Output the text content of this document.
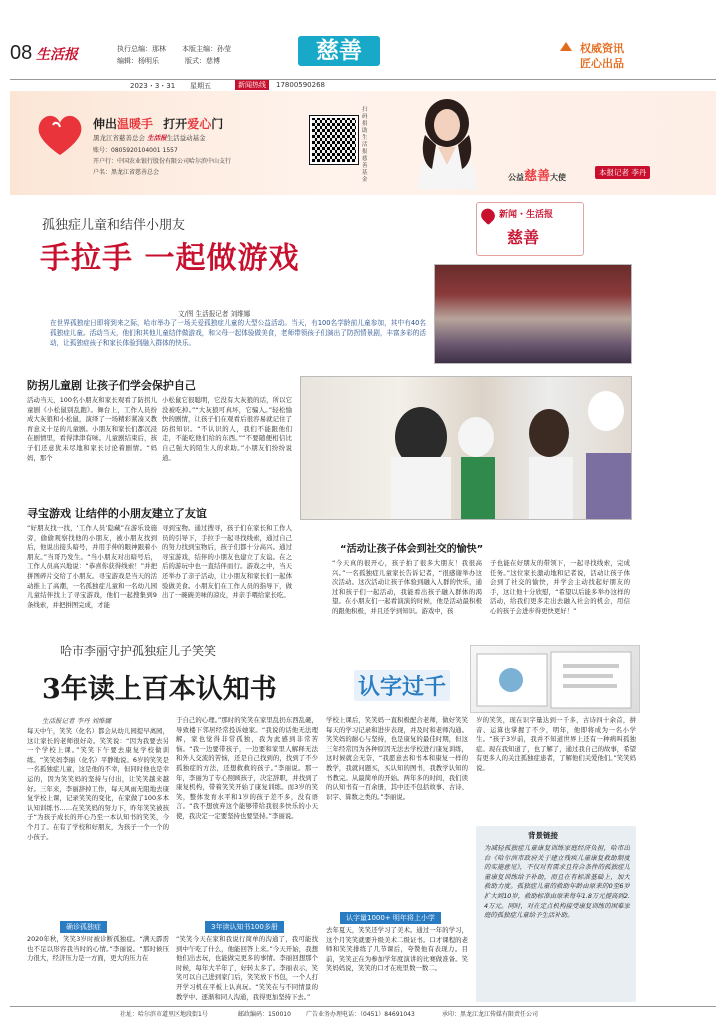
08 生活报	执行总编：那林 本版主编：孙莹
编辑：杨明乐	版式：慈博	慈善	权威资讯
匠心出品
2023・3・31 星期五	新闻热线	17800590268
伸出温暖手 打开爱心门
黑龙江省慈善总会 生活报生活益动基金
账号：0805920104001 1557
开户行：中国农业银行股份有限公司哈尔滨中山支行
户名：黑龙江省慈善总会
扫码捐助 生活报 慈善基金	公益慈善大使
本报记者 李丹
孤独症儿童和结伴小朋友
手拉手 一起做游戏
新闻・生活报
慈善
文/图 生活报记者 刘维娜
在世界孤独症日即将到来之际，哈市举办了一场关爱孤独症儿童的大型公益活动。当天，有100名学龄前儿童参加，其中有40名孤独症儿童。活动当天，他们和其他儿童结伴做游戏，和父母一起体验做美食，老师带领孩子们演出了防拐情景剧，丰富多彩的活动，让孤独症孩子和家长体验到融入群体的快乐。
防拐儿童剧 让孩子们学会保护自己
活动当天，100名小朋友和家长观看了防拐儿童剧《小松鼠别乱跑》。舞台上，工作人员扮成大灰狼和小松鼠，演绎了一场精彩紧凑又教育意义十足的儿童剧。小朋友和家长们都沉浸在剧情里，看得津津有味。儿童剧结束后，孩子们还意犹未尽地和家长讨论着剧情。“妈妈，那个
小松鼠它很聪明，它没有大灰狼的话，所以它没被吃掉。”“大灰狼可真坏，它骗人。”轻松愉快的剧情，让孩子们在观看后很容易就记住了防拐知识。“不认识的人，我们不能跟他们走，不能吃他们给的东西。”“不要随便相信比自己强大的陌生人的求助。”小朋友们纷纷说道。
寻宝游戏 让结伴的小朋友建立了友谊
“好朋友找一找，‘工作人员’隐藏”在游乐设施旁，偷偷观察找他的小朋友，被小朋友找到后，他说出接头暗号，并用手伸的眼神跟着小朋友。”当哥乃发生。“当小朋友对出暗号后，工作人员高兴地说：“恭喜你获得线索！”并把拼图碎片交给了小朋友。寻宝游戏是当天的活动推上了高潮，一名孤独症儿童和一名幼儿园儿童结伴找上了寻宝游戏，他们一起搜集到9条线索，并把拼图完成，才能
寻到宝物。通过搜寻，孩子们在家长和工作人员的引导下，手拉手一起寻找线索，通过自己的努力找到宝物后，孩子们都十分高兴。通过寻宝游戏，结伴的小朋友也建立了友谊。在之后的游玩中也一直结伴而行。游戏之中，当天还举办了亲子活动，让小朋友和家长们一起体验做美食。小朋友们在工作人员的指导下，做出了一碗碗美味的凉皮，并亲手喂给家长吃。
“活动让孩子体会到社交的愉快”
“今天真的很开心，孩子拍了很多大朋友！我很高兴。”一名孤独症儿童家长告诉记者，“很感谢举办这次活动。这次活动让孩子体验到融入人群的快乐，通过和孩子们一起活动，我能看出孩子融入群体的渴望。在小朋友们一起看演演的时候，他是活动最积极的跟他积极，并且还学到知识。游戏中，孩
子也能在好朋友的带领下，一起寻找线索，完成任务。”这位家长激动地和记者说，活动让孩子体会到了社交的愉快，并学会主动找起好朋友的手，这让他十分欣慰，“希望以后能多举办这样的活动，给我们更多走出去融入社会的机会，用信心的孩子会进步得更快更好！”
哈市李丽守护孤独症儿子笑笑
3年读上百本认知书	认字过千
生活报记者 李丹 刘维娜
每天中午，笑笑（化名）都会从幼儿园提早离园，这让家长的老师很好奇。笑笑说：“因为我要去另一个学校上课。”笑笑下午要去康复学校做训练。“笑笑妈李丽（化名）平静地说。6岁的笑笑是一名孤独症儿童，这是他的不幸，但同时他也是幸运的，因为笑笑妈的坚持与付出，让笑笑越来越好。三年来，李丽辞掉工作，每天风雨无阻地去康复学校上课，记录笑笑的变化，在家做了100多本认知训练书……在笑笑妈的努力下，昨年笑笑被孩子“为孩子成长的开心乃至一本认知书的笑笑，今个月了。在有了学校和好朋友，为孩子一个一个的小孩子。
确诊孤独症
2020年秋，笑笑3岁时被诊断孤独症。“满天霹雳也不足以形容我当时的心情。”李丽说。“那时候压力很大，经济压力是一方面，更大的压力在
于自己的心理。”那时的笑笑在家里乱扔东西乱砸，导致楼下邻居经常投诉她家。“我说的话他无法理解，家也觉得非常孤独，我为此感到非常苦恼。“我一边要带孩子，一边要和家里人解释无法和外人交流的苦恼，还是自己找到的，找到了不少孤独症的方法，还想救救的孩子。”李丽说。那一年，李丽为了专心照顾孩子，决定辞职，并找到了康复机构，带着笑笑开始了康复训练。而3岁的笑笑，整体发育水平和1岁的孩子差不多，没有语言。“我不想放弃这个能够带给我很多快乐的小天使，我决定一定要坚持也要坚持。”李丽说。
3年读认知书100多册
“笑笑今天在家和我说行简单的沟通了，我可能找到中午吃了什么，他能回答上来。”今天开始，我想他们出去玩，也能做完更多的事情。李丽回想那个时候，每年大半年了，好转太多了。李丽表示，笑笑可以自己进到家门后，笑笑放下书包，一个人打开学习机在平板上认真玩。“笑笑在与不同情景的教学中、逐渐和同人沟通，我得更加坚持下去。”
学校上课后，笑笑妈一直积极配合老师，做好笑笑每天的学习记录和进步表现，并及时和老师沟通。笑笑妈的耐心与坚持，也是康复的最佳时期，但这三年经常因为各种原因无法去学校进行康复训练，这时候就会无奈，“我愿意去和书本和康复一样的教学，我就问题买，买认知的图书，我教学认知的书教完。从最简单的开始。两年多的时间，我们读的认知书有一百余册，其中还不包括故事、古诗、识字、算数之类的。”李丽说。
认字量1000+ 明年将上小学
去年夏天，笑笑还学习了美术。通过一年的学习，这个月笑笑就要升级美术二级证书。口才课程的老师和笑笑排练了几节课后，夸赞他有表现力。目前，笑笑正在为参加学年度演讲的比赛做准备。笑笑妈妈说，笑笑的口才在班里数一数二。
岁的笑笑，现在识字量达到一千多，古诗四十余首，拼音、运算也掌握了不少，明年，他即将成为一名小学生。“孩子3岁前，我并不知道世界上还有一种病叫孤独症。现在我知道了，也了解了，通过我自己的故事，希望有更多人的关注孤独症患者，了解他们关爱他们。”笑笑妈说。
背景链接
为减轻孤独症儿童康复训练家庭经济负担，哈市出台《哈尔滨市政府关于建立残疾儿童康复救助制度的实施意见》，不仅对有需求且符合条件的孤独症儿童康复训练给予补助，而且在有标准基础上，加大救助力度。孤独症儿童的救助年龄由原来的0至6岁扩大到10岁，救助标准由原来每年1.8万元提高到2.4万元。同时，对在定点机构接受康复训练的困难家庭的孤独症儿童给予生活补助。
社址：哈尔滨市道里区地段街1号	邮政编码：150010	广告业务办理电话：（0451）84691043	承印：黑龙江龙江传媒有限责任公司
